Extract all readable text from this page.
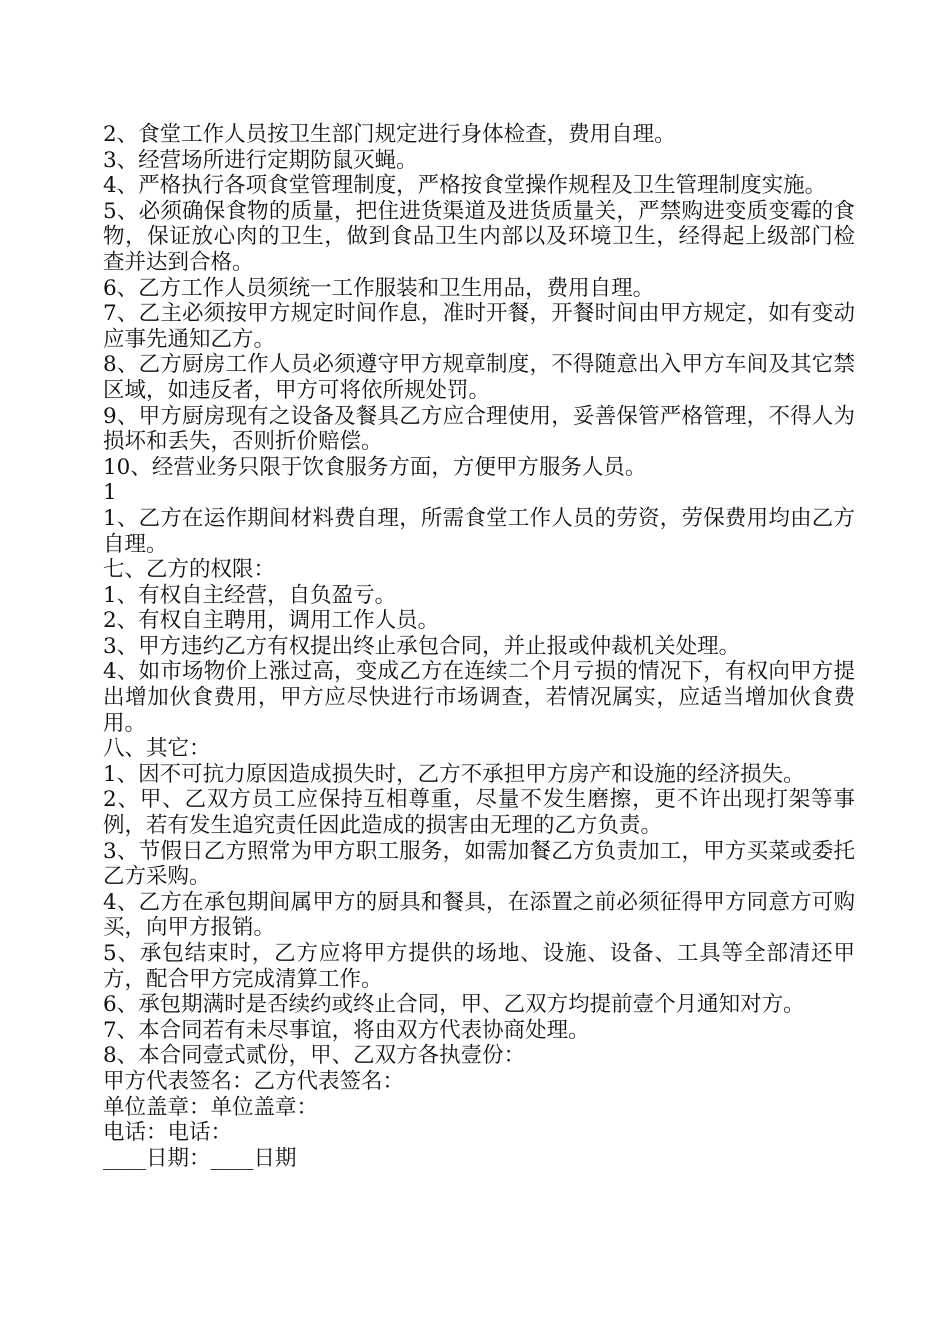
2、食堂工作人员按卫生部门规定进行身体检查，费用自理。

3、经营场所进行定期防鼠灭蝇。

4、严格执行各项食堂管理制度，严格按食堂操作规程及卫生管理制度实施。

5、必须确保食物的质量，把住进货渠道及进货质量关，严禁购进变质变霉的食物，保证放心肉的卫生，做到食品卫生内部以及环境卫生，经得起上级部门检查并达到合格。

6、乙方工作人员须统一工作服装和卫生用品，费用自理。

7、乙主必须按甲方规定时间作息，准时开餐，开餐时间由甲方规定，如有变动应事先通知乙方。

8、乙方厨房工作人员必须遵守甲方规章制度，不得随意出入甲方车间及其它禁区域，如违反者，甲方可将依所规处罚。

9、甲方厨房现有之设备及餐具乙方应合理使用，妥善保管严格管理，不得人为损坏和丢失，否则折价赔偿。

10、经营业务只限于饮食服务方面，方便甲方服务人员。

1

1、乙方在运作期间材料费自理，所需食堂工作人员的劳资，劳保费用均由乙方自理。

七、乙方的权限：

1、有权自主经营，自负盈亏。

2、有权自主聘用，调用工作人员。

3、甲方违约乙方有权提出终止承包合同，并止报或仲裁机关处理。

4、如市场物价上涨过高，变成乙方在连续二个月亏损的情况下，有权向甲方提出增加伙食费用，甲方应尽快进行市场调查，若情况属实，应适当增加伙食费用。

八、其它：

1、因不可抗力原因造成损失时，乙方不承担甲方房产和设施的经济损失。

2、甲、乙双方员工应保持互相尊重，尽量不发生磨擦，更不许出现打架等事例，若有发生追究责任因此造成的损害由无理的乙方负责。

3、节假日乙方照常为甲方职工服务，如需加餐乙方负责加工，甲方买菜或委托乙方采购。

4、乙方在承包期间属甲方的厨具和餐具，在添置之前必须征得甲方同意方可购买，向甲方报销。

5、承包结束时，乙方应将甲方提供的场地、设施、设备、工具等全部清还甲方，配合甲方完成清算工作。

6、承包期满时是否续约或终止合同，甲、乙双方均提前壹个月通知对方。

7、本合同若有未尽事谊，将由双方代表协商处理。

8、本合同壹式贰份，甲、乙双方各执壹份：

甲方代表签名：乙方代表签名：

单位盖章：单位盖章：

电话：电话：

____日期：____日期
